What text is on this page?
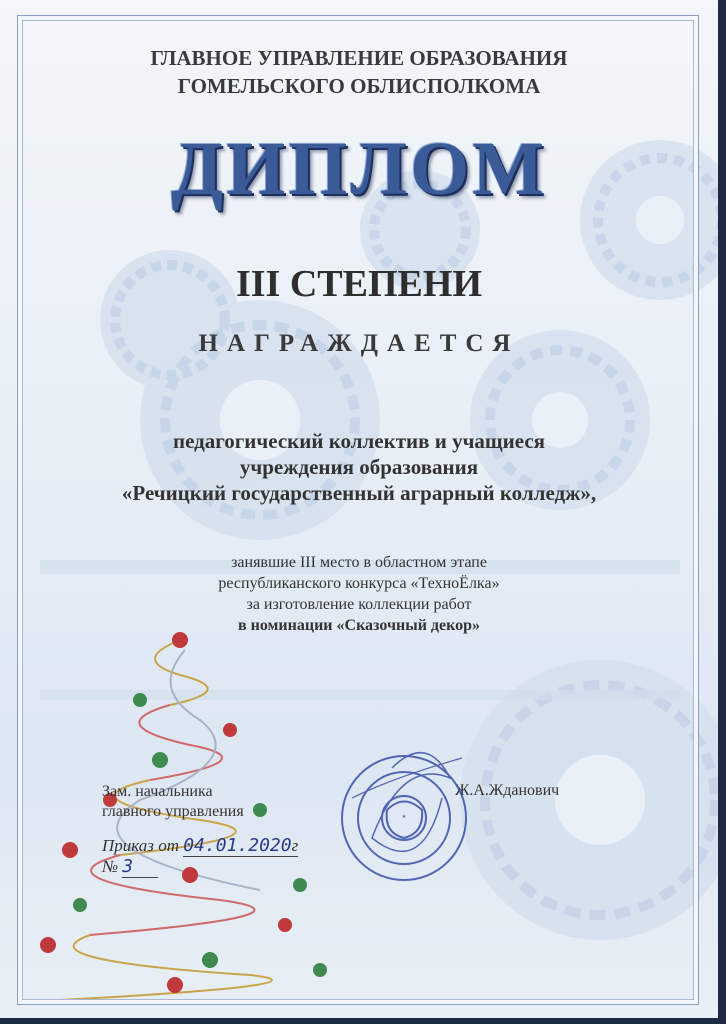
ГЛАВНОЕ УПРАВЛЕНИЕ ОБРАЗОВАНИЯ
ГОМЕЛЬСКОГО ОБЛИСПОЛКОМА
ДИПЛОМ
III СТЕПЕНИ
НАГРАЖДАЕТСЯ
педагогический коллектив и учащиеся
учреждения образования
«Речицкий государственный аграрный колледж»,
занявшие III место в областном этапе
республиканского конкурса «ТехноЁлка»
за изготовление коллекции работ
в номинации «Сказочный декор»
Зам. начальника
главного управления
Ж.А.Жданович
★
Приказ от 04.01.2020г
№ 3
